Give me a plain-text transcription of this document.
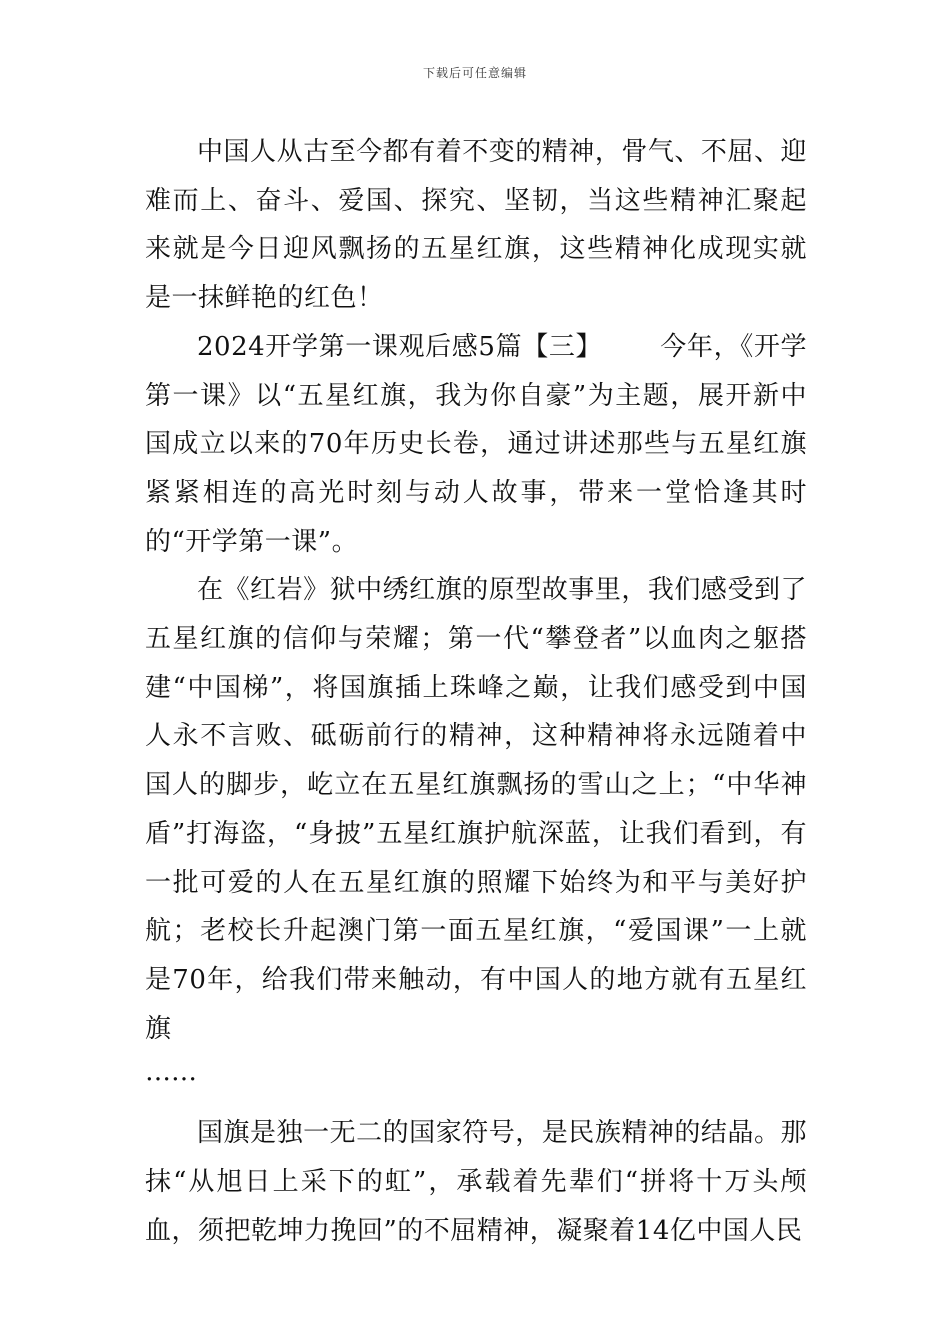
下载后可任意编辑

中国人从古至今都有着不变的精神，骨气、不屈、迎难而上、奋斗、爱国、探究、坚韧，当这些精神汇聚起来就是今日迎风飘扬的五星红旗，这些精神化成现实就是一抹鲜艳的红色！

2024开学第一课观后感5篇【三】 今年，《开学第一课》以“五星红旗，我为你自豪”为主题，展开新中国成立以来的70年历史长卷，通过讲述那些与五星红旗紧紧相连的高光时刻与动人故事，带来一堂恰逢其时的“开学第一课”。

在《红岩》狱中绣红旗的原型故事里，我们感受到了五星红旗的信仰与荣耀；第一代“攀登者”以血肉之躯搭建“中国梯”，将国旗插上珠峰之巅，让我们感受到中国人永不言败、砥砺前行的精神，这种精神将永远随着中国人的脚步，屹立在五星红旗飘扬的雪山之上；“中华神盾”打海盗，“身披”五星红旗护航深蓝，让我们看到，有一批可爱的人在五星红旗的照耀下始终为和平与美好护航；老校长升起澳门第一面五星红旗，“爱国课”一上就是70年，给我们带来触动，有中国人的地方就有五星红旗

……

国旗是独一无二的国家符号，是民族精神的结晶。那抹“从旭日上采下的虹”，承载着先辈们“拼将十万头颅血，须把乾坤力挽回”的不屈精神，凝聚着14亿中国人民
